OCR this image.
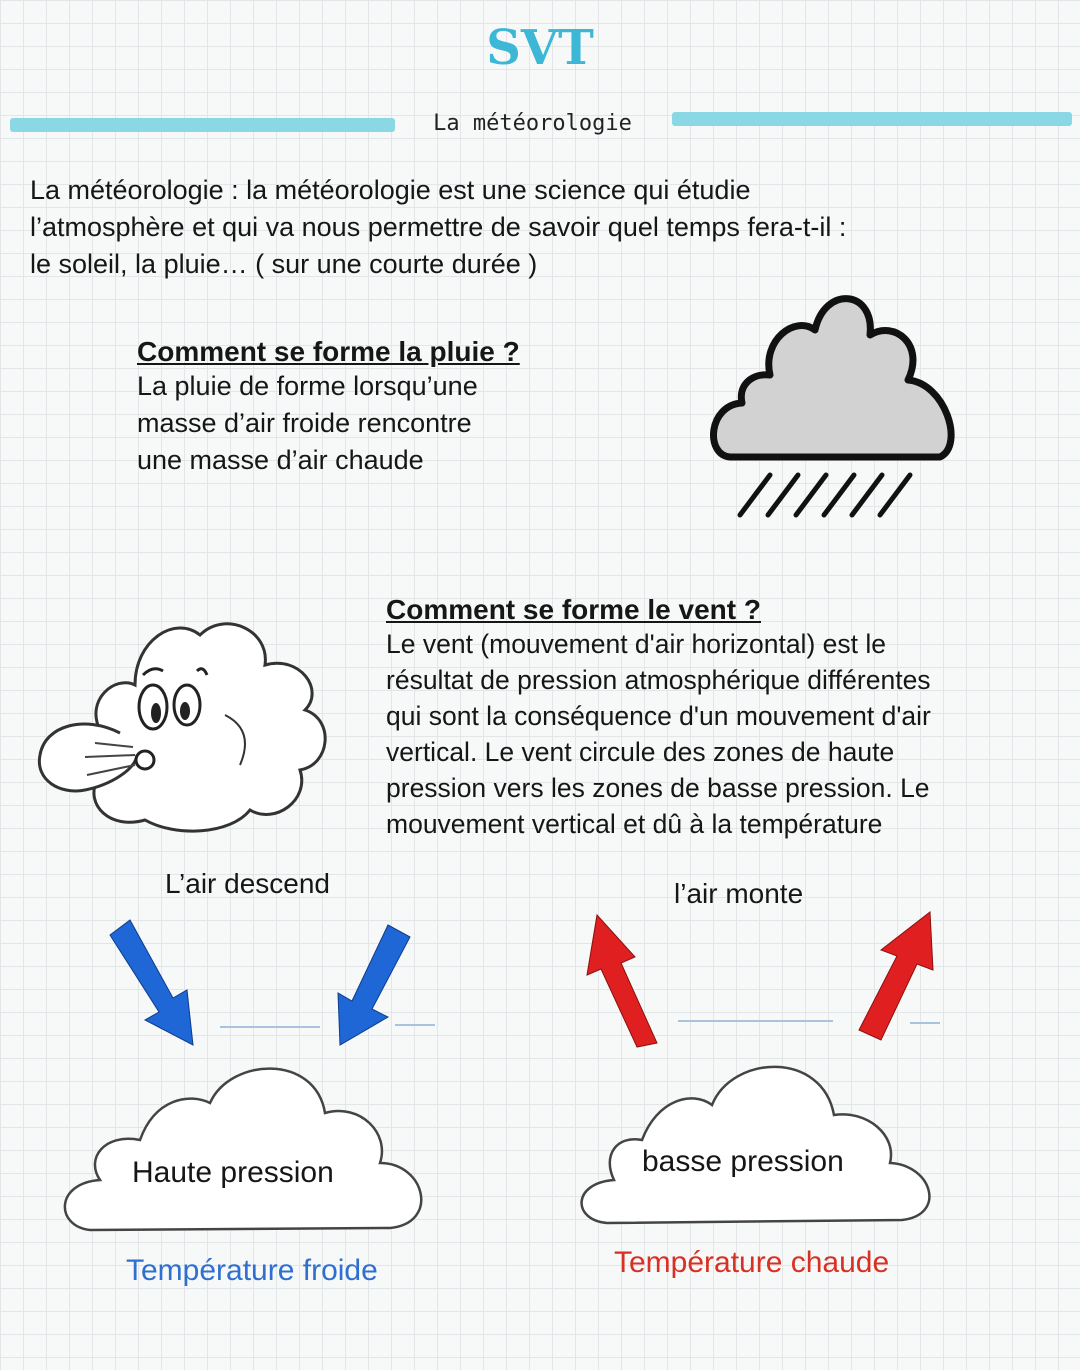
SVT
La météorologie
La météorologie : la météorologie est une science qui étudie
l’atmosphère et qui va nous permettre de savoir quel temps fera-t-il :
le soleil, la pluie… ( sur une courte durée )
Comment se forme la pluie ?
La pluie de forme lorsqu’une
masse d’air froide rencontre
une masse d’air chaude
Comment se forme le vent ?
Le vent (mouvement d'air horizontal) est le
résultat de pression atmosphérique différentes
qui sont la conséquence d'un mouvement d'air
vertical. Le vent circule des zones de haute
pression vers les zones de basse pression. Le
mouvement vertical et dû à la température
L’air descend
Haute pression
Température froide
l’air monte
basse pression
Température chaude
